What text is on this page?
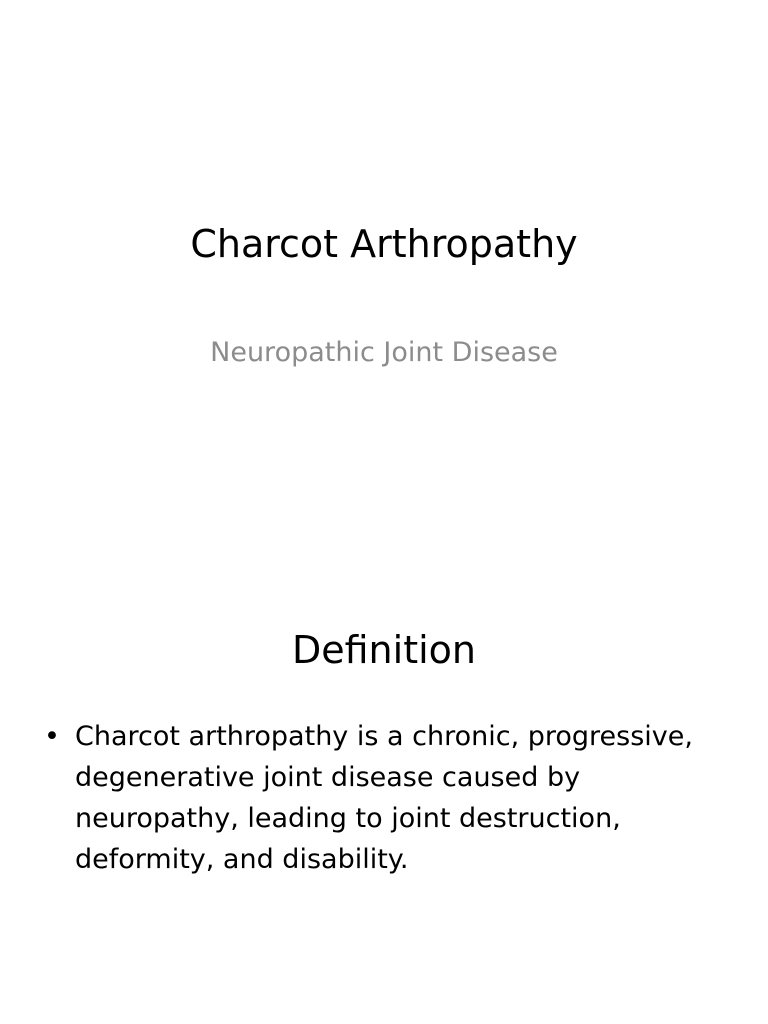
Charcot Arthropathy

Neuropathic Joint Disease

Definition
• Charcot arthropathy is a chronic, progressive, degenerative joint disease caused by neuropathy, leading to joint destruction, deformity, and disability.
